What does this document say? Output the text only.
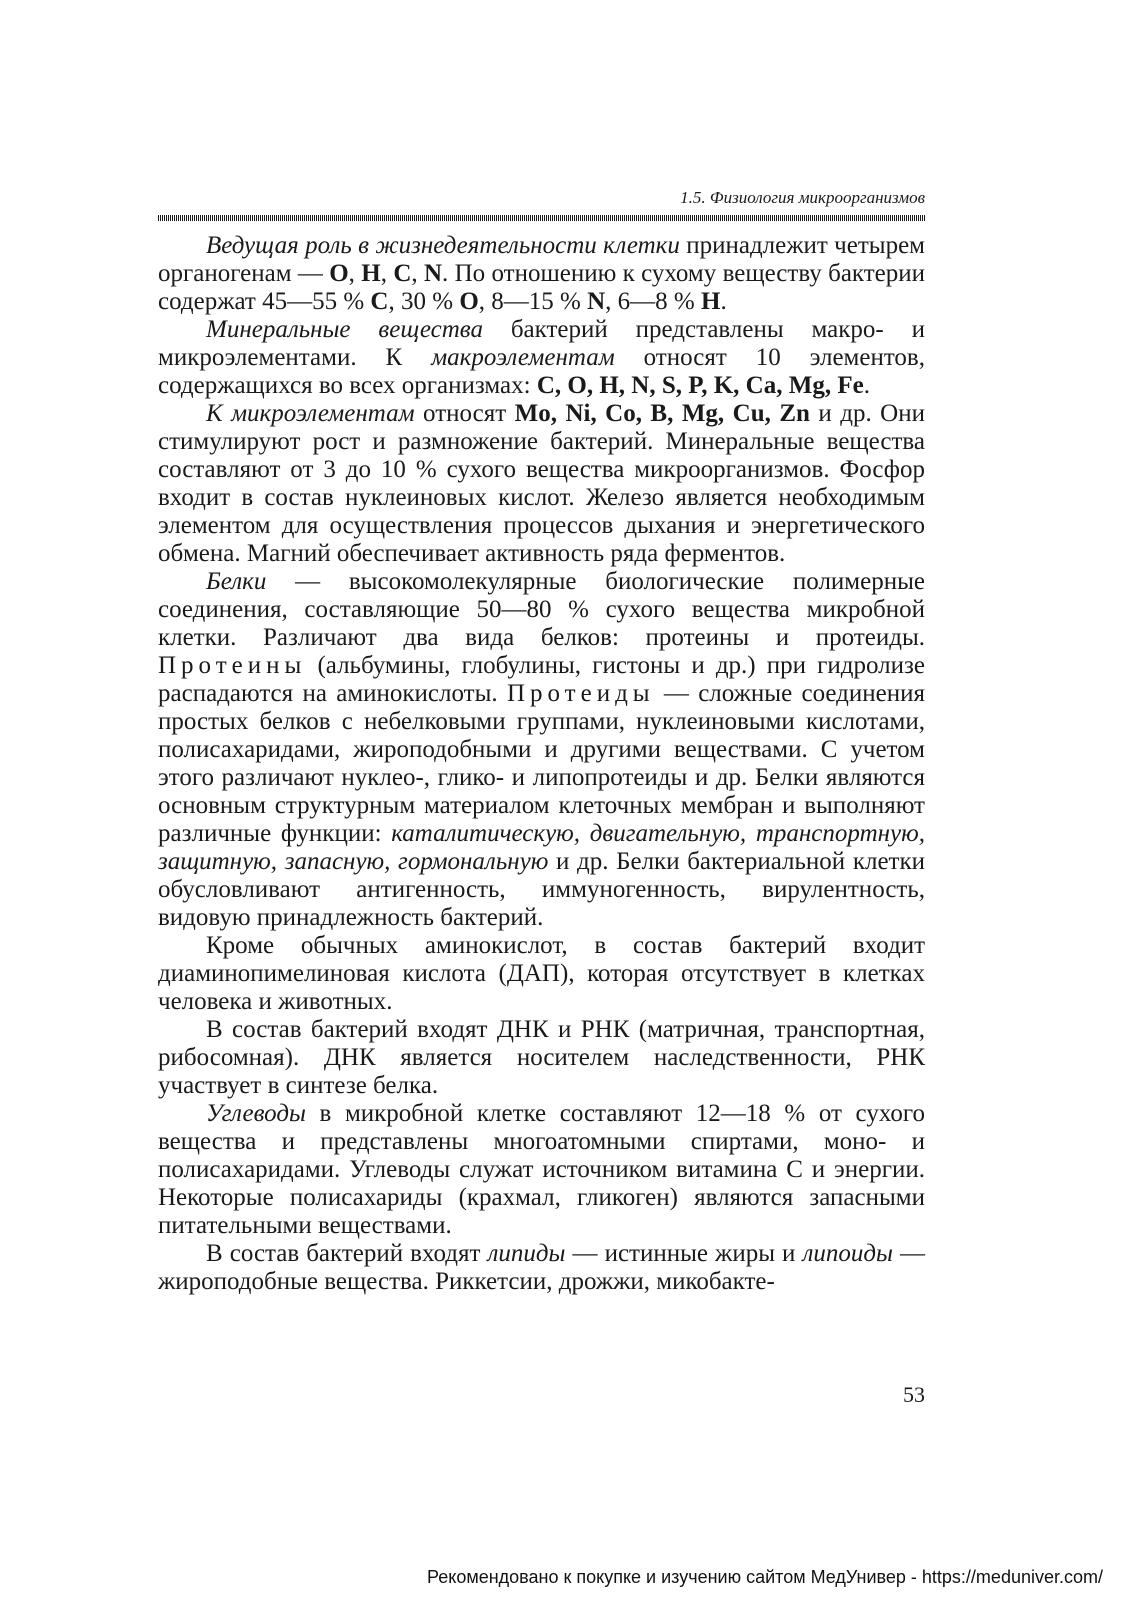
1.5. Физиология микроорганизмов

Ведущая роль в жизнедеятельности клетки принадлежит четырем органогенам — O, H, C, N. По отношению к сухому веществу бактерии содержат 45—55 % C, 30 % O, 8—15 % N, 6—8 % H.

Минеральные вещества бактерий представлены макро- и микроэлементами. К макроэлементам относят 10 элементов, содержащихся во всех организмах: C, O, H, N, S, P, K, Ca, Mg, Fe.

К микроэлементам относят Mo, Ni, Co, B, Mg, Cu, Zn и др. Они стимулируют рост и размножение бактерий. Минеральные вещества составляют от 3 до 10 % сухого вещества микроорганизмов. Фосфор входит в состав нуклеиновых кислот. Железо является необходимым элементом для осуществления процессов дыхания и энергетического обмена. Магний обеспечивает активность ряда ферментов.

Белки — высокомолекулярные биологические полимерные соединения, составляющие 50—80 % сухого вещества микробной клетки. Различают два вида белков: протеины и протеиды. Протеины (альбумины, глобулины, гистоны и др.) при гидролизе распадаются на аминокислоты. Протеиды — сложные соединения простых белков с небелковыми группами, нуклеиновыми кислотами, полисахаридами, жироподобными и другими веществами. С учетом этого различают нуклео-, глико- и липопротеиды и др. Белки являются основным структурным материалом клеточных мембран и выполняют различные функции: каталитическую, двигательную, транспортную, защитную, запасную, гормональную и др. Белки бактериальной клетки обусловливают антигенность, иммуногенность, вирулентность, видовую принадлежность бактерий.

Кроме обычных аминокислот, в состав бактерий входит диаминопимелиновая кислота (ДАП), которая отсутствует в клетках человека и животных.

В состав бактерий входят ДНК и РНК (матричная, транспортная, рибосомная). ДНК является носителем наследственности, РНК участвует в синтезе белка.

Углеводы в микробной клетке составляют 12—18 % от сухого вещества и представлены многоатомными спиртами, моно- и полисахаридами. Углеводы служат источником витамина С и энергии. Некоторые полисахариды (крахмал, гликоген) являются запасными питательными веществами.

В состав бактерий входят липиды — истинные жиры и липоиды — жироподобные вещества. Риккетсии, дрожжи, микобакте-

53
Рекомендовано к покупке и изучению сайтом МедУнивер - https://meduniver.com/
